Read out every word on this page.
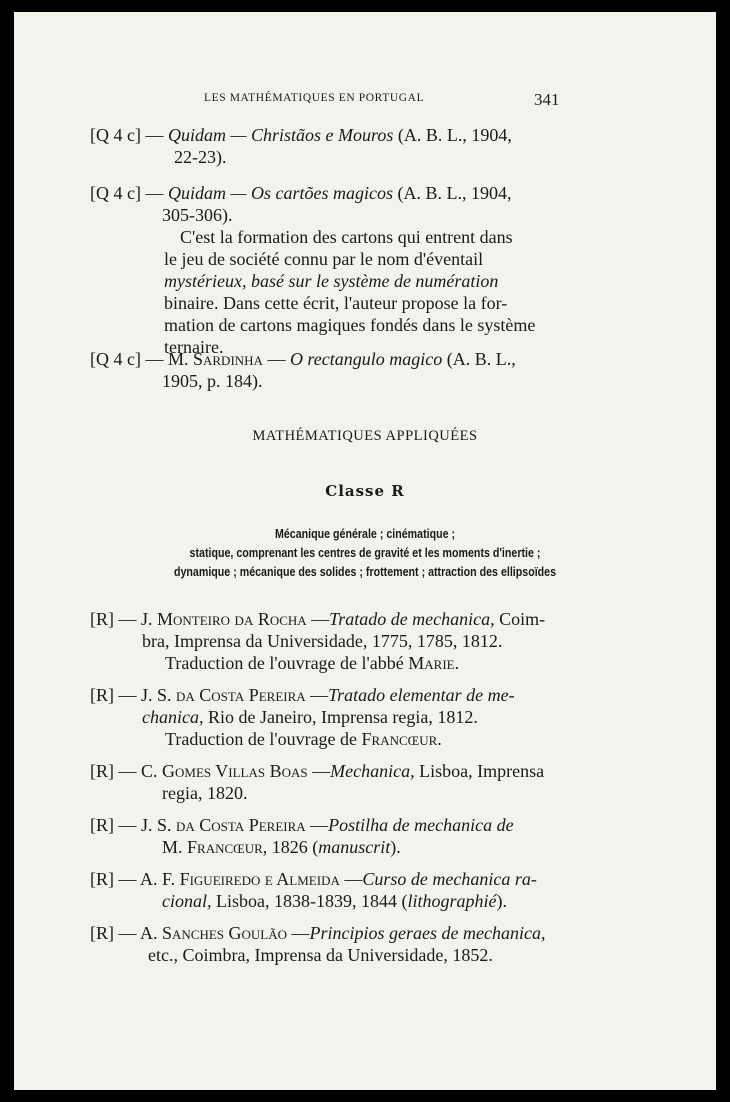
LES MATHÉMATIQUES EN PORTUGAL	341
[Q 4 c] — Quidam — Christãos e Mouros (A. B. L., 1904,
22-23).
[Q 4 c] — Quidam — Os cartões magicos (A. B. L., 1904,
305-306).
C'est la formation des cartons qui entrent dans
le jeu de société connu par le nom d'éventail
mystérieux, basé sur le système de numération
binaire. Dans cette écrit, l'auteur propose la for-
mation de cartons magiques fondés dans le système
ternaire.
[Q 4 c] — M. Sardinha — O rectangulo magico (A. B. L.,
1905, p. 184).
MATHÉMATIQUES APPLIQUÉES
Classe R
Mécanique générale ; cinématique ;
statique, comprenant les centres de gravité et les moments d'inertie ;
dynamique ; mécanique des solides ; frottement ; attraction des ellipsoïdes
[R] — J. Monteiro da Rocha —Tratado de mechanica, Coim-
bra, Imprensa da Universidade, 1775, 1785, 1812.
Traduction de l'ouvrage de l'abbé Marie.
[R] — J. S. da Costa Pereira —Tratado elementar de me-
chanica, Rio de Janeiro, Imprensa regia, 1812.
Traduction de l'ouvrage de Francœur.
[R] — C. Gomes Villas Boas —Mechanica, Lisboa, Imprensa
regia, 1820.
[R] — J. S. da Costa Pereira —Postilha de mechanica de
M. Francœur, 1826 (manuscrit).
[R] — A. F. Figueiredo e Almeida —Curso de mechanica ra-
cional, Lisboa, 1838-1839, 1844 (lithographié).
[R] — A. Sanches Goulão —Principios geraes de mechanica,
etc., Coimbra, Imprensa da Universidade, 1852.
